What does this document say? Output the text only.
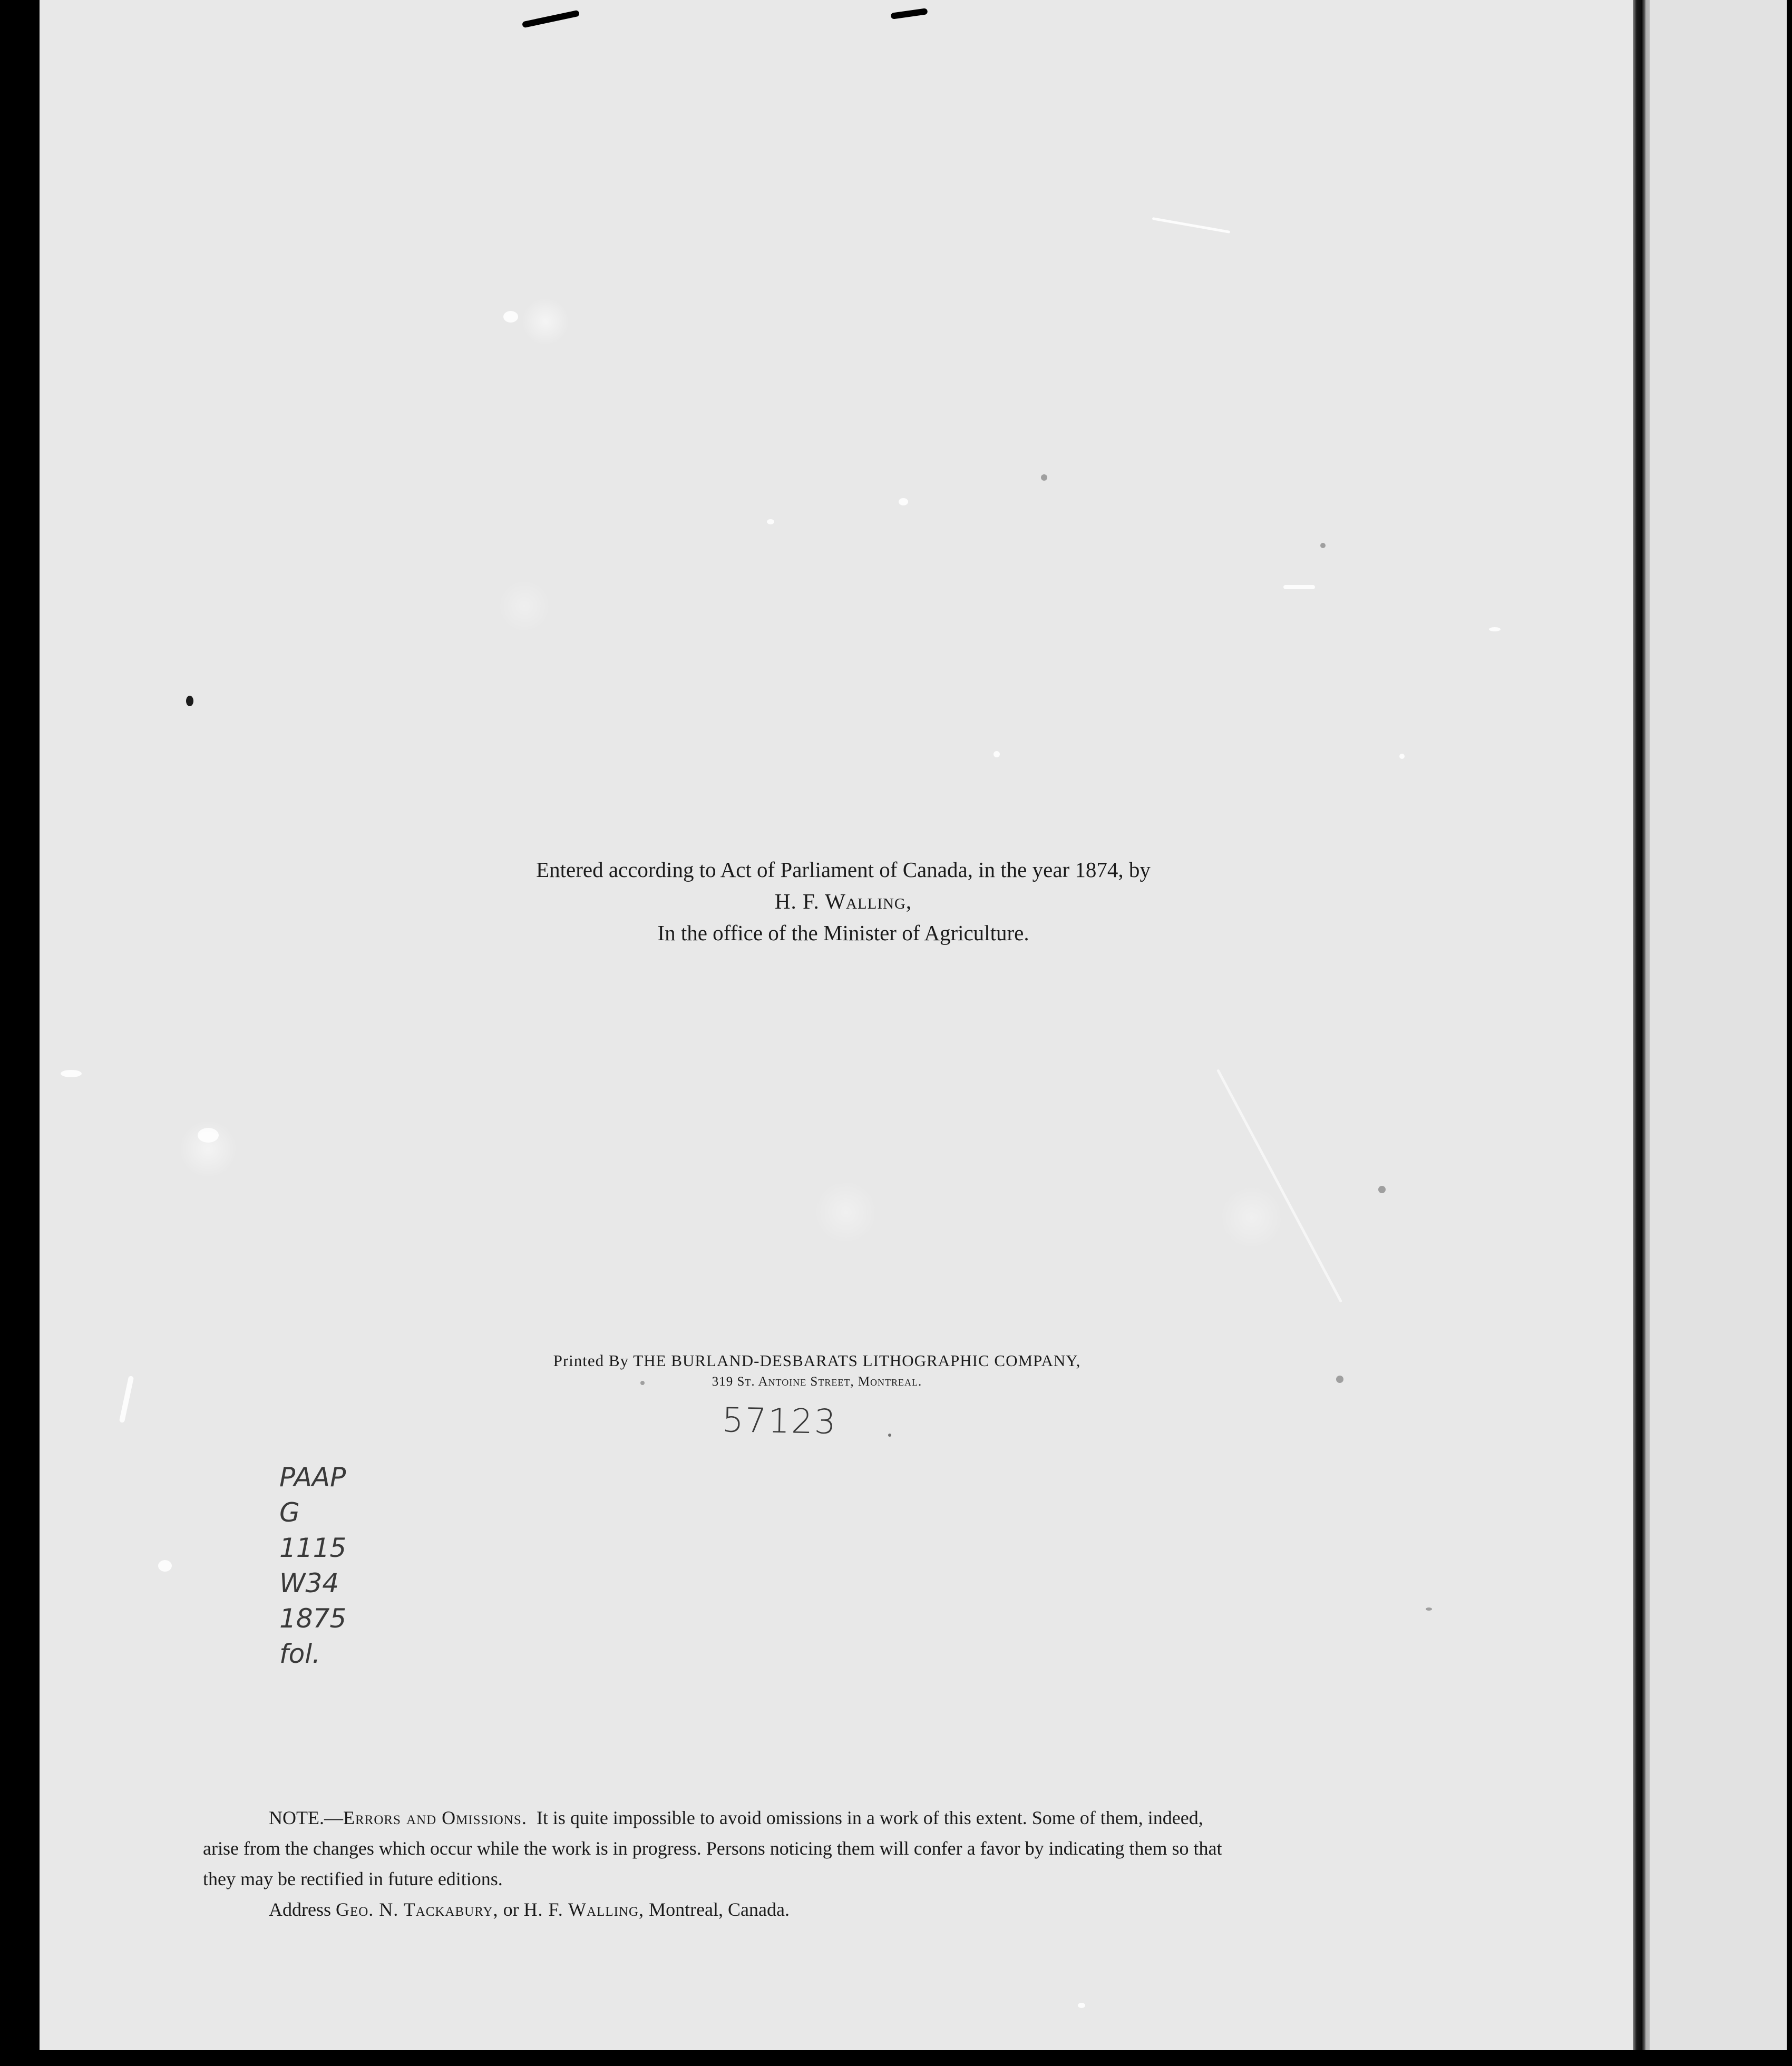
Entered according to Act of Parliament of Canada, in the year 1874, by
H. F. Walling,
In the office of the Minister of Agriculture.
Printed By THE BURLAND-DESBARATS LITHOGRAPHIC COMPANY,
319 St. Antoine Street, Montreal.
57123
PAAP
G
1115
W34
1875
fol.
NOTE.—Errors and Omissions. It is quite impossible to avoid omissions in a work of this extent. Some of them, indeed,
arise from the changes which occur while the work is in progress. Persons noticing them will confer a favor by indicating them so that
they may be rectified in future editions.
Address Geo. N. Tackabury, or H. F. Walling, Montreal, Canada.
